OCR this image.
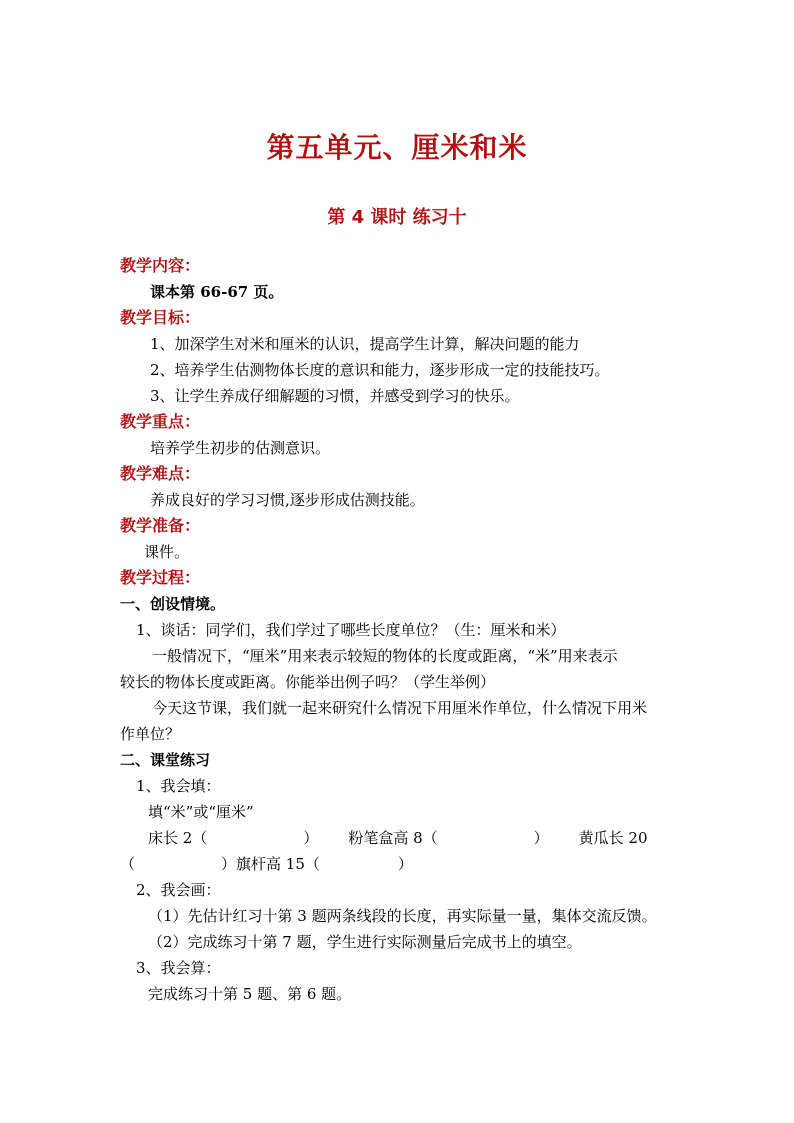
第五单元、厘米和米
第 4 课时 练习十
教学内容：
课本第 66-67 页。
教学目标：
1、加深学生对米和厘米的认识，提高学生计算，解决问题的能力
2、培养学生估测物体长度的意识和能力，逐步形成一定的技能技巧。
3、让学生养成仔细解题的习惯，并感受到学习的快乐。
教学重点：
培养学生初步的估测意识。
教学难点：
养成良好的学习习惯,逐步形成估测技能。
教学准备：
课件。
教学过程：
一、创设情境。
1、谈话：同学们，我们学过了哪些长度单位？（生：厘米和米）
一般情况下，“厘米”用来表示较短的物体的长度或距离，“米”用来表示
较长的物体长度或距离。你能举出例子吗？（学生举例）
今天这节课，我们就一起来研究什么情况下用厘米作单位，什么情况下用米
作单位？
二、课堂练习
1、我会填：
填“米”或“厘米”
床长 2（	） 粉笔盒高 8（	） 黄瓜长 20
（	）旗杆高 15（	）
2、我会画：
（1）先估计红习十第 3 题两条线段的长度，再实际量一量，集体交流反馈。
（2）完成练习十第 7 题，学生进行实际测量后完成书上的填空。
3、我会算：
完成练习十第 5 题、第 6 题。
